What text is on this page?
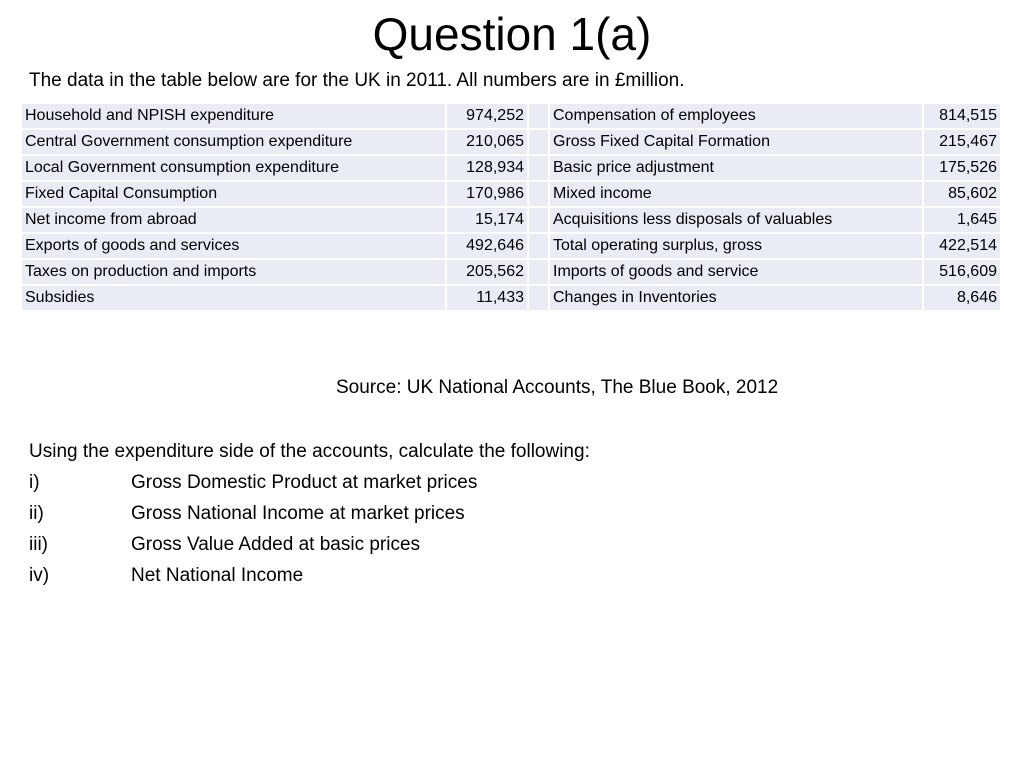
Question 1(a)
The data in the table below are for the UK in 2011. All numbers are in £million.
Household and NPISH expenditure	974,252		Compensation of employees	814,515
Central Government consumption expenditure	210,065		Gross Fixed Capital Formation	215,467
Local Government consumption expenditure	128,934		Basic price adjustment	175,526
Fixed Capital Consumption	170,986		Mixed income	85,602
Net income from abroad	15,174		Acquisitions less disposals of valuables	1,645
Exports of goods and services	492,646		Total operating surplus, gross	422,514
Taxes on production and imports	205,562		Imports of goods and service	516,609
Subsidies	11,433		Changes in Inventories	8,646
Source: UK National Accounts, The Blue Book, 2012
Using the expenditure side of the accounts, calculate the following:
i)	Gross Domestic Product at market prices
ii)	Gross National Income at market prices
iii)	Gross Value Added at basic prices
iv)	Net National Income
